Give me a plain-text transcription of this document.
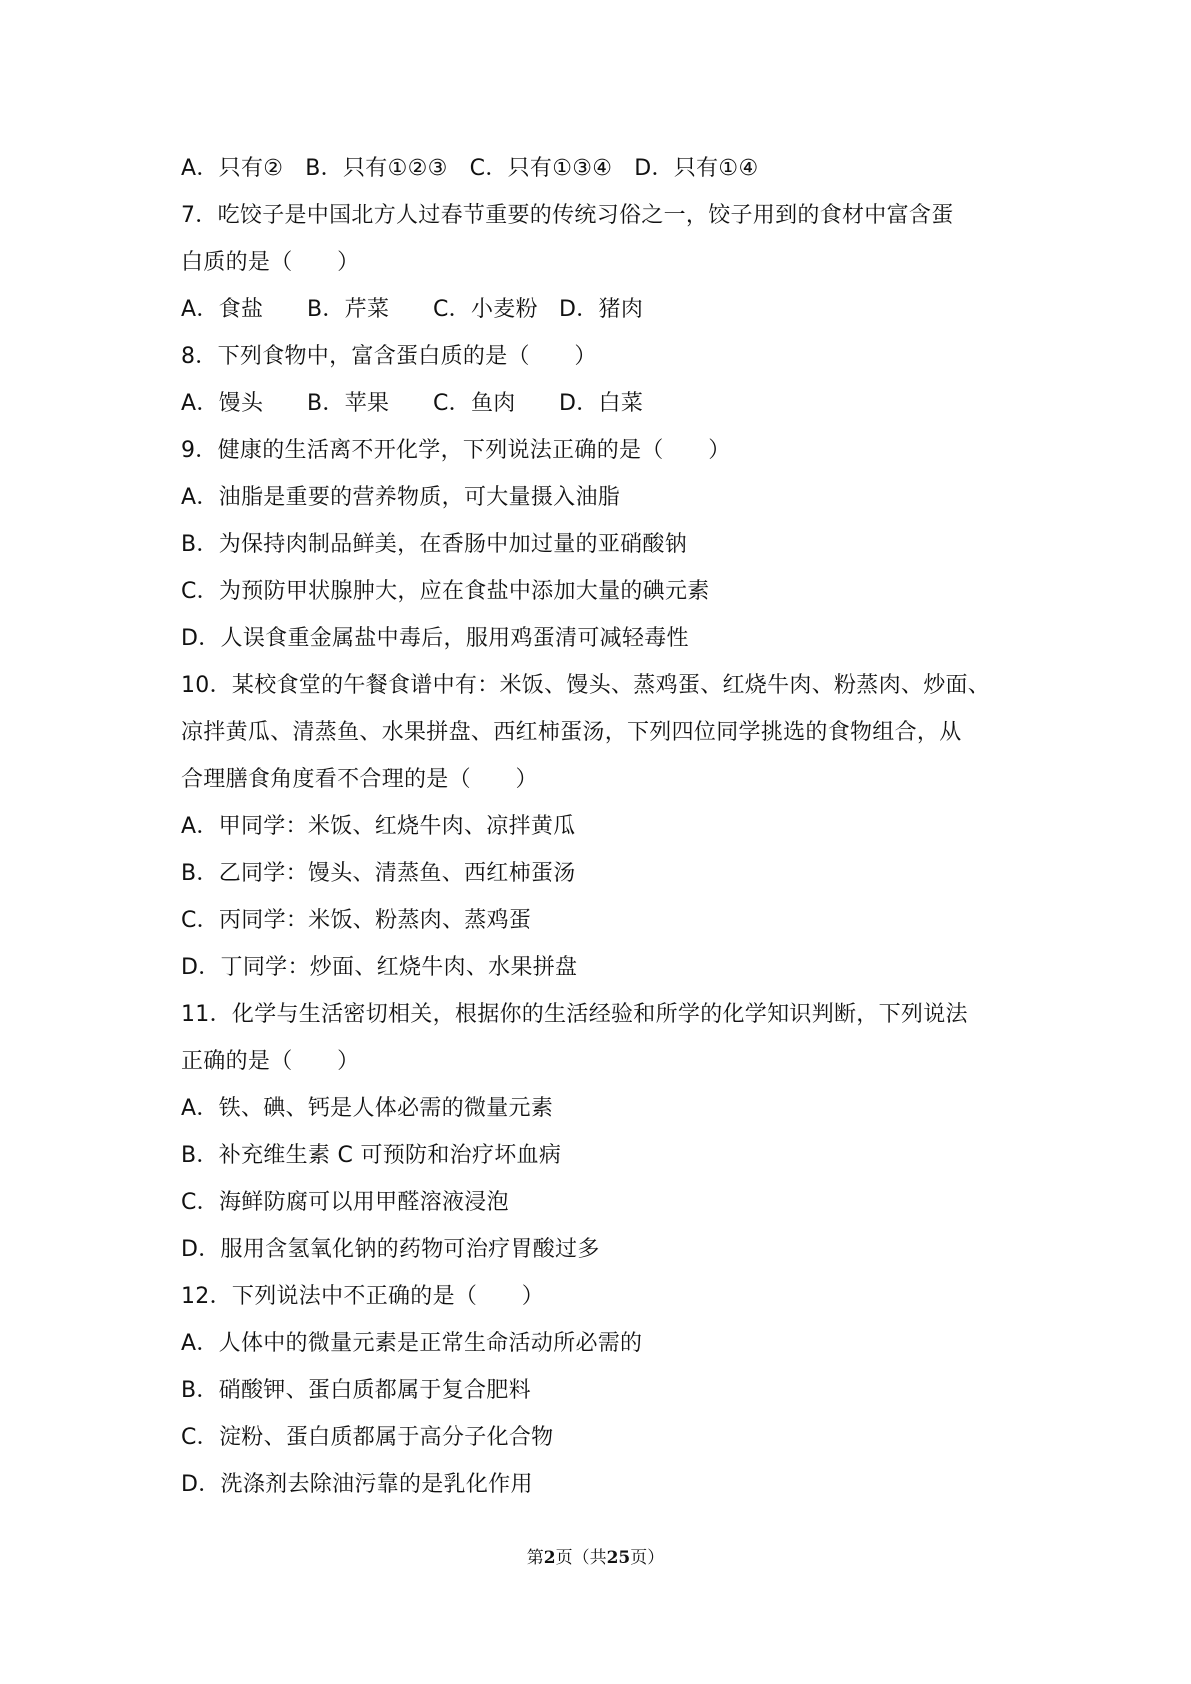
A．只有② B．只有①②③ C．只有①③④ D．只有①④
7．吃饺子是中国北方人过春节重要的传统习俗之一，饺子用到的食材中富含蛋
白质的是（　　）
A．食盐	B．芹菜	C．小麦粉 D．猪肉
8．下列食物中，富含蛋白质的是（　　）
A．馒头	B．苹果	C．鱼肉	D．白菜
9．健康的生活离不开化学，下列说法正确的是（　　）
A．油脂是重要的营养物质，可大量摄入油脂
B．为保持肉制品鲜美，在香肠中加过量的亚硝酸钠
C．为预防甲状腺肿大，应在食盐中添加大量的碘元素
D．人误食重金属盐中毒后，服用鸡蛋清可减轻毒性
10．某校食堂的午餐食谱中有：米饭、馒头、蒸鸡蛋、红烧牛肉、粉蒸肉、炒面、
凉拌黄瓜、清蒸鱼、水果拼盘、西红柿蛋汤，下列四位同学挑选的食物组合，从
合理膳食角度看不合理的是（　　）
A．甲同学：米饭、红烧牛肉、凉拌黄瓜
B．乙同学：馒头、清蒸鱼、西红柿蛋汤
C．丙同学：米饭、粉蒸肉、蒸鸡蛋
D．丁同学：炒面、红烧牛肉、水果拼盘
11．化学与生活密切相关，根据你的生活经验和所学的化学知识判断，下列说法
正确的是（　　）
A．铁、碘、钙是人体必需的微量元素
B．补充维生素 C 可预防和治疗坏血病
C．海鲜防腐可以用甲醛溶液浸泡
D．服用含氢氧化钠的药物可治疗胃酸过多
12．下列说法中不正确的是（　　）
A．人体中的微量元素是正常生命活动所必需的
B．硝酸钾、蛋白质都属于复合肥料
C．淀粉、蛋白质都属于高分子化合物
D．洗涤剂去除油污靠的是乳化作用
第2页（共25页）
